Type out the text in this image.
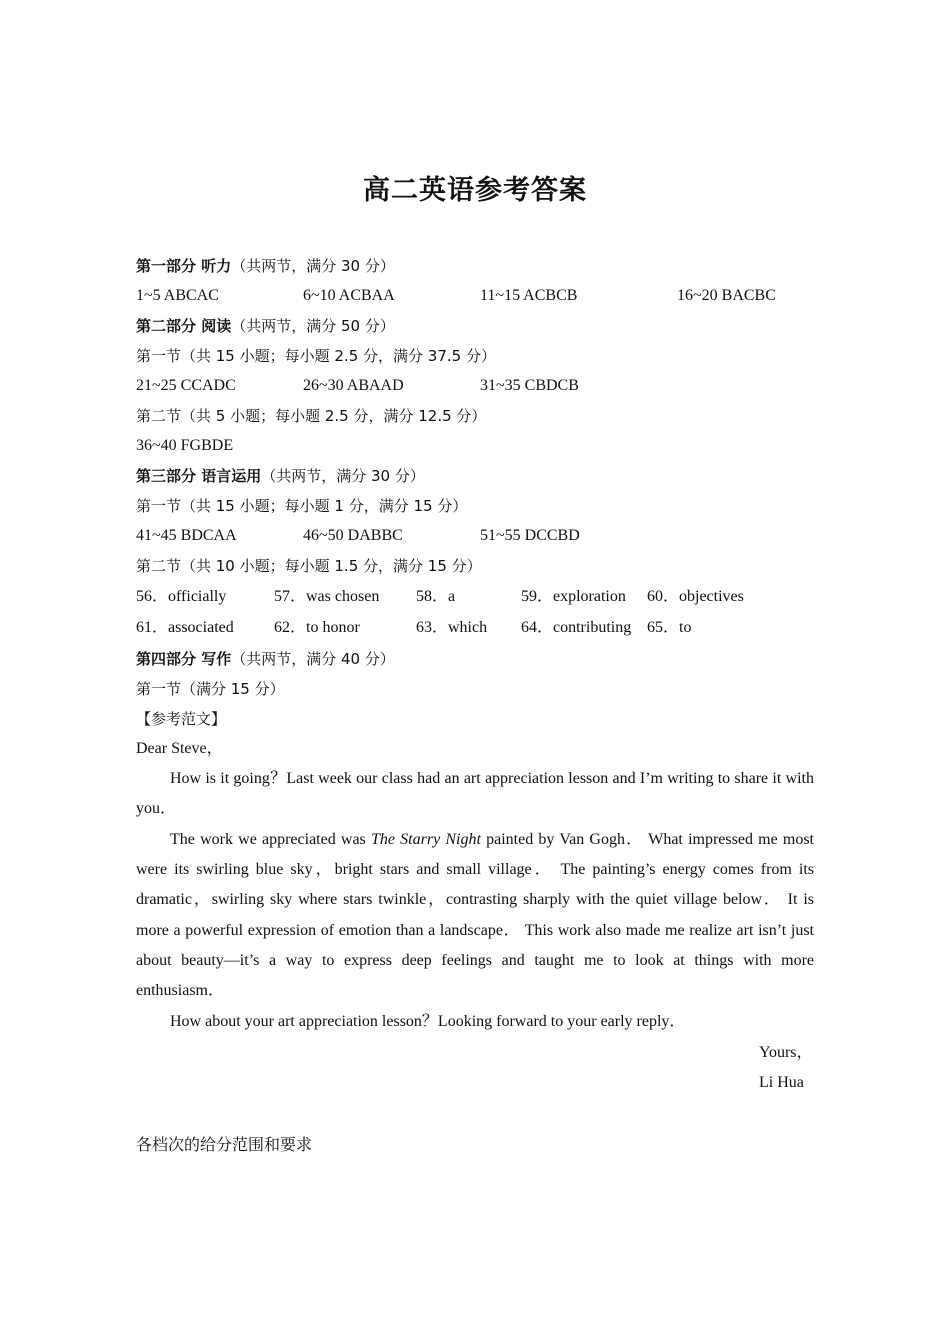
高二英语参考答案
第一部分 听力（共两节，满分 30 分）
1~5 ABCAC	6~10 ACBAA	11~15 ACBCB	16~20 BACBC
第二部分 阅读（共两节，满分 50 分）
第一节（共 15 小题；每小题 2.5 分，满分 37.5 分）
21~25 CCADC	26~30 ABAAD	31~35 CBDCB
第二节（共 5 小题；每小题 2.5 分，满分 12.5 分）
36~40 FGBDE
第三部分 语言运用（共两节，满分 30 分）
第一节（共 15 小题；每小题 1 分，满分 15 分）
41~45 BDCAA	46~50 DABBC	51~55 DCCBD
第二节（共 10 小题；每小题 1.5 分，满分 15 分）
56．officially	57．was chosen 58．a	59．exploration 60．objectives
61．associated	62．to honor	63．which 64．contributing 65．to
第四部分 写作（共两节，满分 40 分）
第一节（满分 15 分）
【参考范文】
Dear Steve，
How is it going？Last week our class had an art appreciation lesson and I’m writing to share it with you．
The work we appreciated was The Starry Night painted by Van Gogh． What impressed me most were its swirling blue sky，bright stars and small village． The painting’s energy comes from its dramatic，swirling sky where stars twinkle，contrasting sharply with the quiet village below． It is more a powerful expression of emotion than a landscape． This work also made me realize art isn’t just about beauty—it’s a way to express deep feelings and taught me to look at things with more enthusiasm．
How about your art appreciation lesson？Looking forward to your early reply．
Yours，
Li Hua
各档次的给分范围和要求
